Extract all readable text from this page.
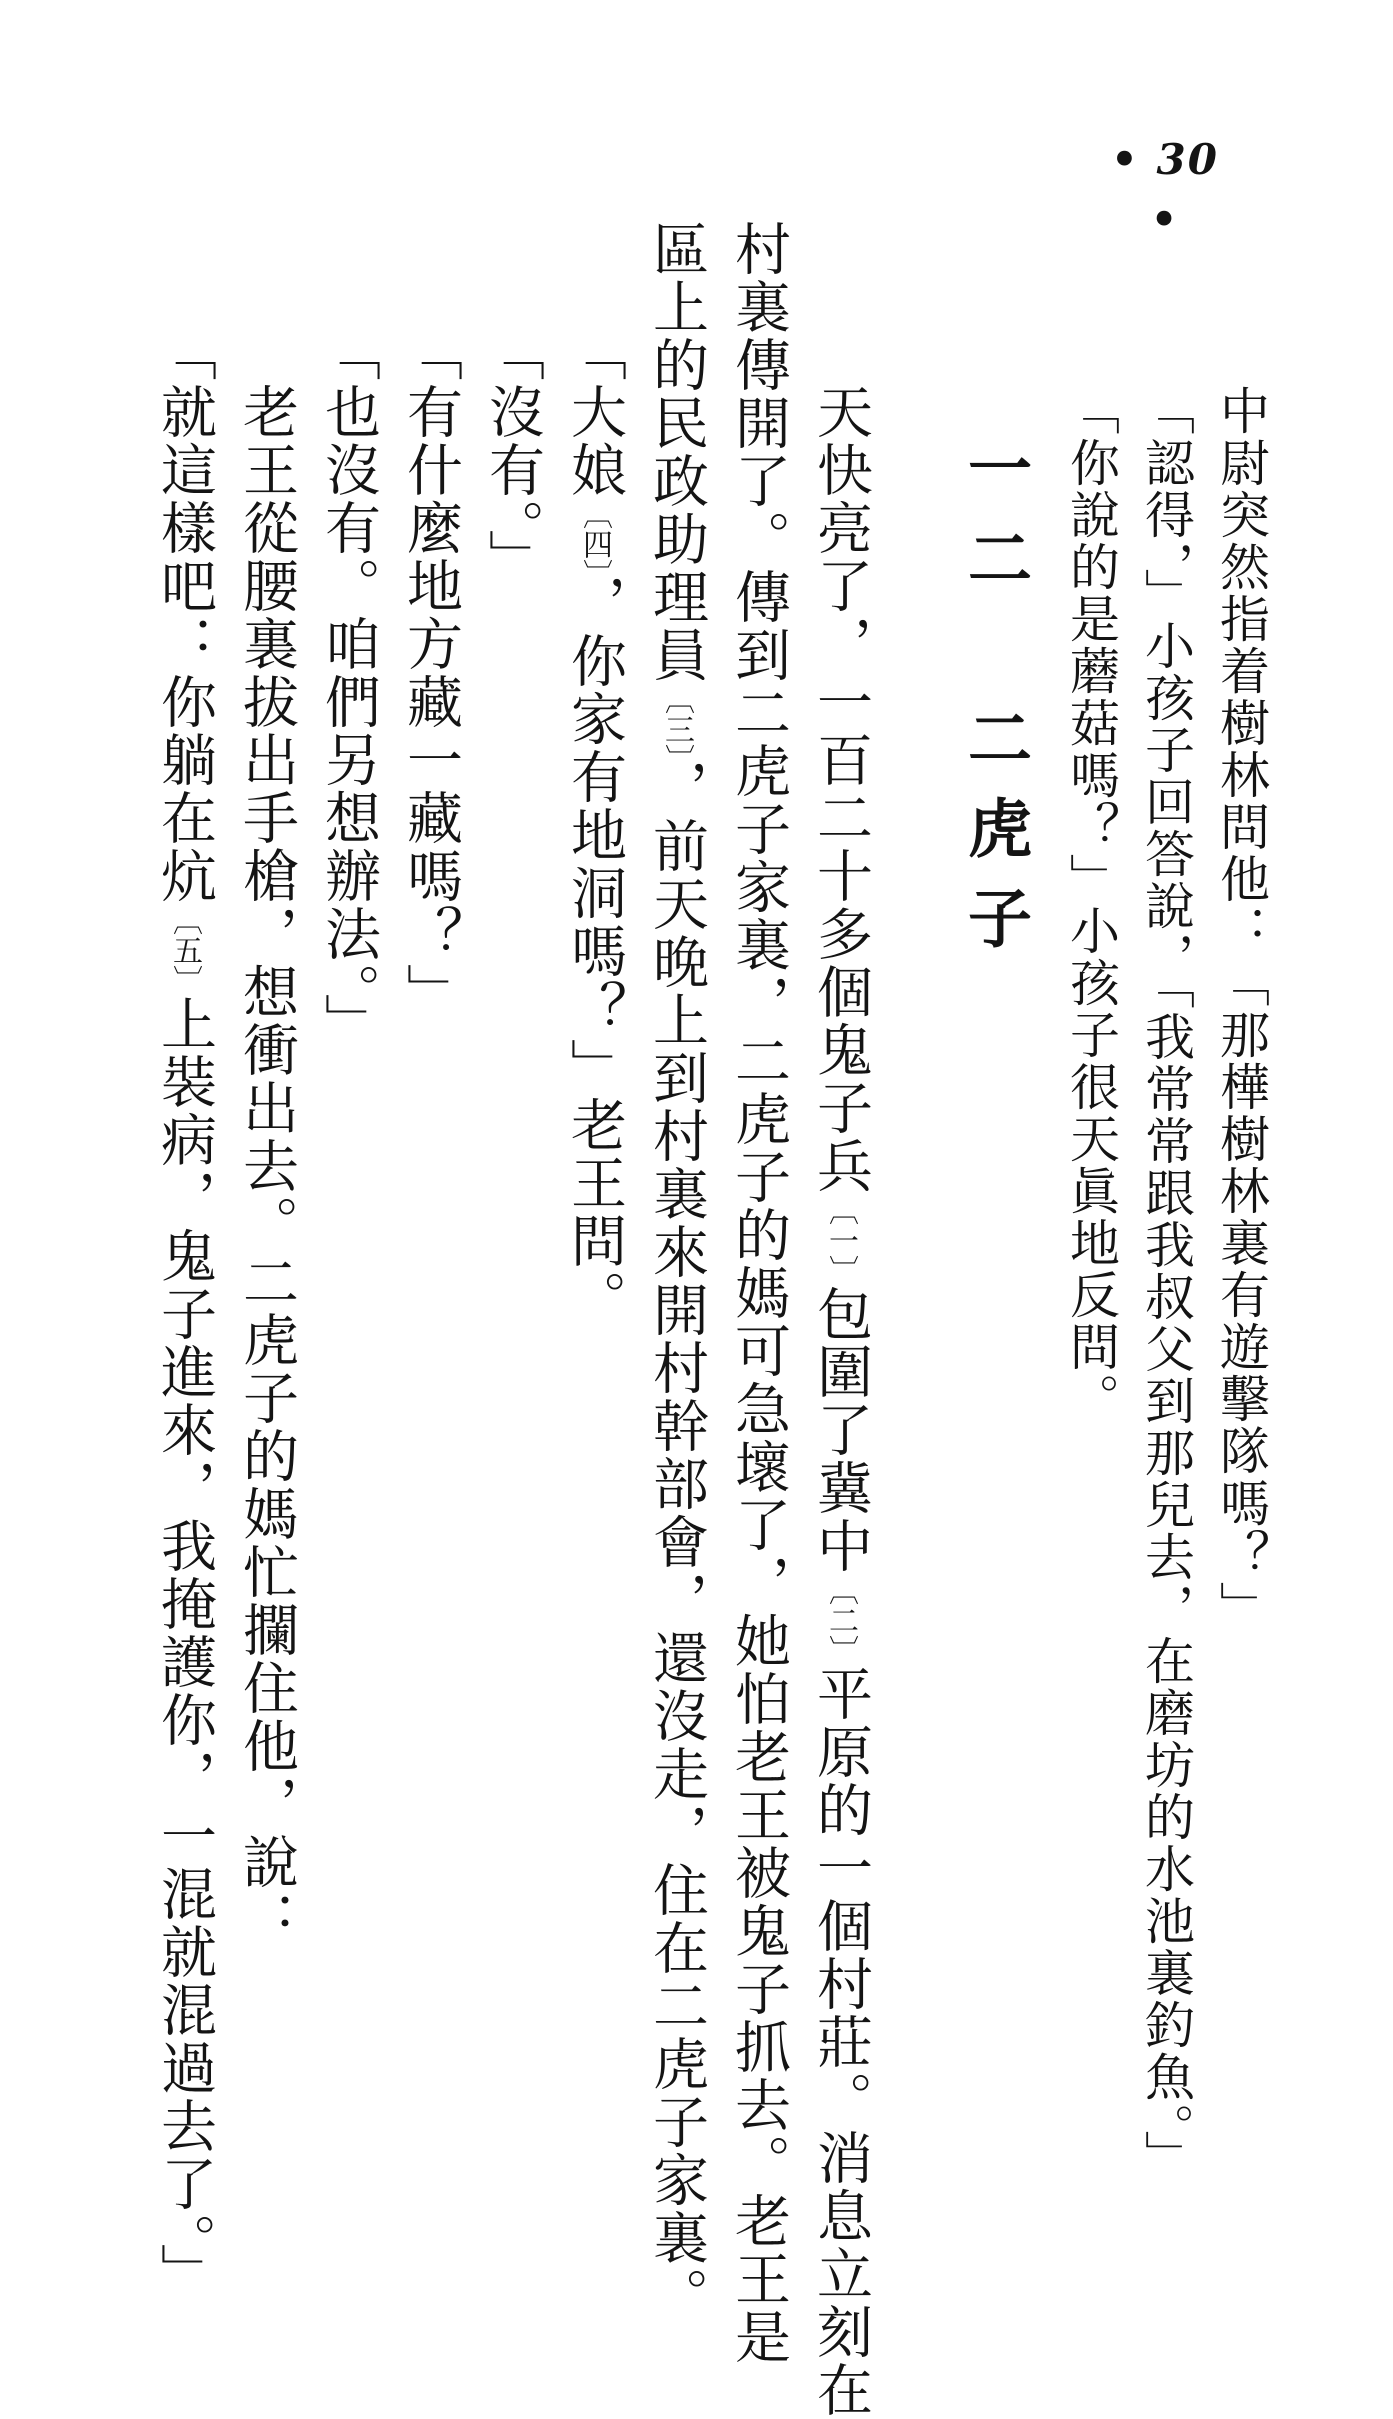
• 30 •
中尉突然指着樹林問他：「那樺樹林裏有遊擊隊嗎？」
「認得，」小孩子回答說，「我常常跟我叔父到那兒去，在磨坊的水池裏釣魚。」
「你說的是蘑菇嗎？」小孩子很天眞地反問。
一二　二虎子
　天快亮了，一百二十多個鬼子兵〔一〕包圍了冀中〔二〕平原的一個村莊。消息立刻在
村裏傳開了。傳到二虎子家裏，二虎子的媽可急壞了，她怕老王被鬼子抓去。老王是
區上的民政助理員〔三〕，前天晚上到村裏來開村幹部會，還沒走，住在二虎子家裏。
「大娘〔四〕，你家有地洞嗎？」老王問。
「沒有。」
「有什麼地方藏一藏嗎？」
「也沒有。咱們另想辦法。」
　老王從腰裏拔出手槍，想衝出去。二虎子的媽忙攔住他，說：
「就這樣吧：你躺在炕〔五〕上裝病，鬼子進來，我掩護你，一混就混過去了。」
